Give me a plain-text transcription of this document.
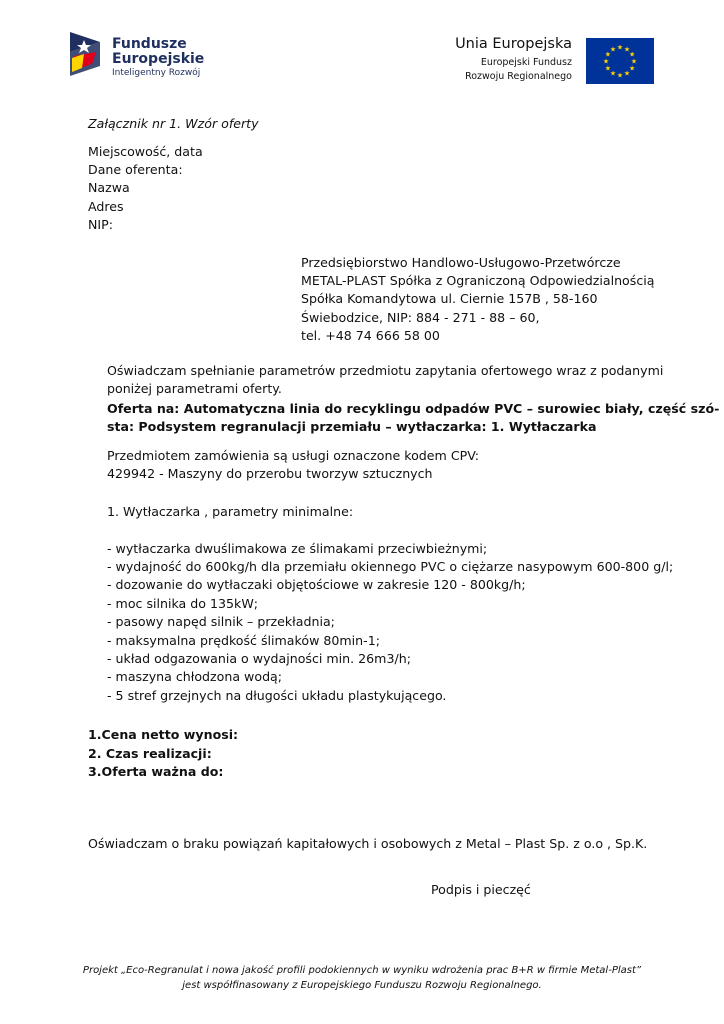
Fundusze
Europejskie
Inteligentny Rozwój
Unia Europejska
Europejski Fundusz
Rozwoju Regionalnego
★ ★
★
★
★
★
★
★
★
★
★
★
Załącznik nr 1. Wzór oferty
Miejscowość, data
Dane oferenta:
Nazwa
Adres
NIP:
Przedsiębiorstwo Handlowo-Usługowo-Przetwórcze
METAL-PLAST Spółka z Ograniczoną Odpowiedzialnością
Spółka Komandytowa ul. Ciernie 157B , 58-160
Świebodzice, NIP: 884 - 271 - 88 – 60,
tel. +48 74 666 58 00
Oświadczam spełnianie parametrów przedmiotu zapytania ofertowego wraz z podanymi
poniżej parametrami oferty.
Oferta na: Automatyczna linia do recyklingu odpadów PVC – surowiec biały, część szó-
sta: Podsystem regranulacji przemiału – wytłaczarka: 1. Wytłaczarka
Przedmiotem zamówienia są usługi oznaczone kodem CPV:
429942 - Maszyny do przerobu tworzyw sztucznych
1. Wytłaczarka , parametry minimalne:
- wytłaczarka dwuślimakowa ze ślimakami przeciwbieżnymi;
- wydajność do 600kg/h dla przemiału okiennego PVC o ciężarze nasypowym 600-800 g/l;
- dozowanie do wytłaczaki objętościowe w zakresie 120 - 800kg/h;
- moc silnika do 135kW;
- pasowy napęd silnik – przekładnia;
- maksymalna prędkość ślimaków 80min-1;
- układ odgazowania o wydajności min. 26m3/h;
- maszyna chłodzona wodą;
- 5 stref grzejnych na długości układu plastykującego.
1.Cena netto wynosi:
2. Czas realizacji:
3.Oferta ważna do:
Oświadczam o braku powiązań kapitałowych i osobowych z Metal – Plast Sp. z o.o , Sp.K.
Podpis i pieczęć
Projekt „Eco-Regranulat i nowa jakość profili podokiennych w wyniku wdrożenia prac B+R w firmie Metal-Plast”
jest współfinasowany z Europejskiego Funduszu Rozwoju Regionalnego.
